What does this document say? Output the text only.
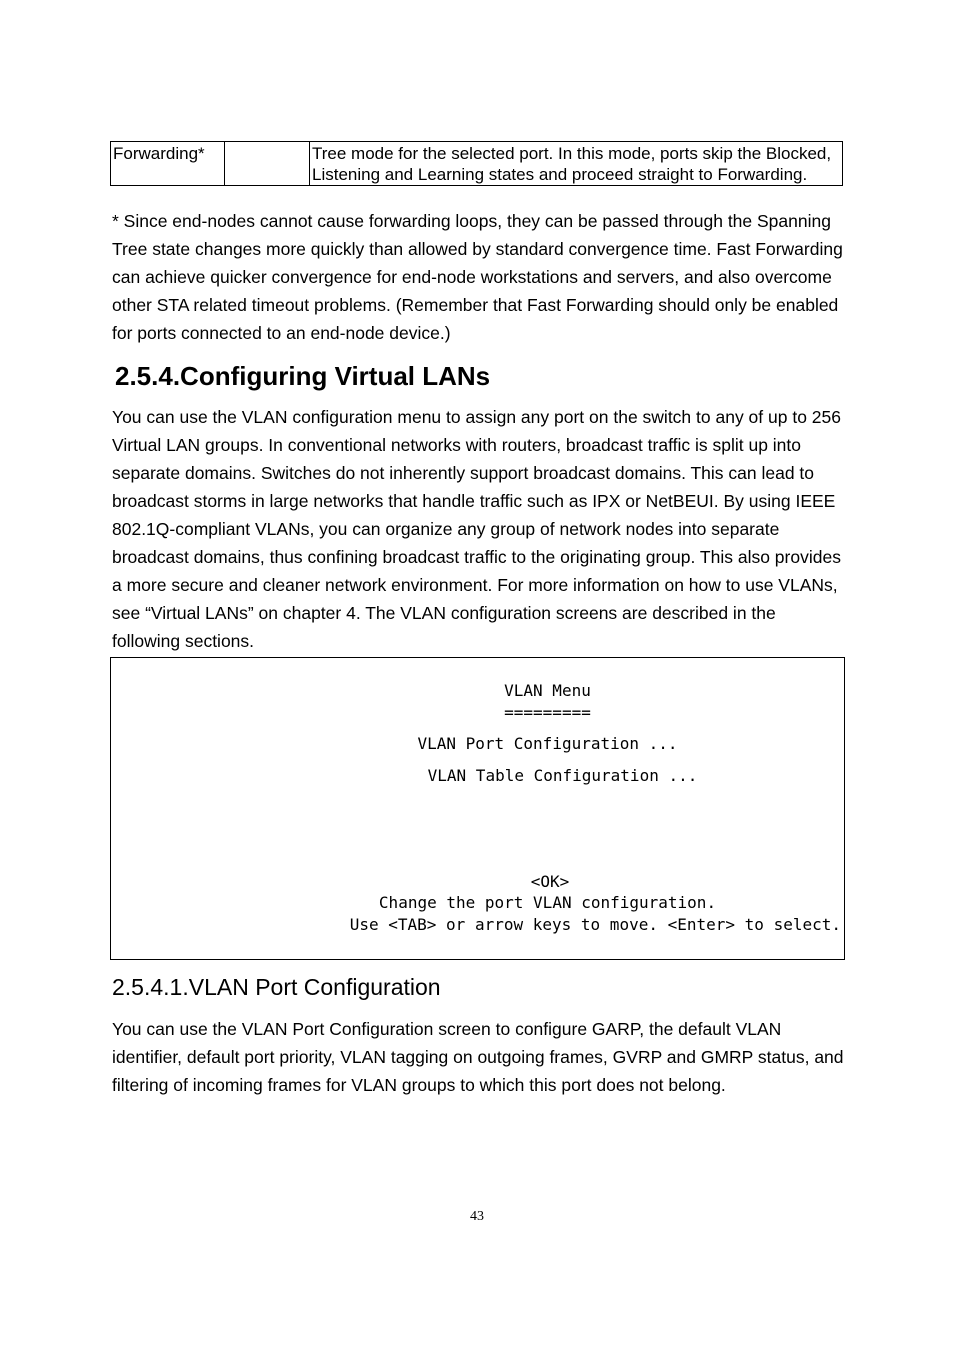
Forwarding*		Tree mode for the selected port. In this mode, ports skip the Blocked, Listening and Learning states and proceed straight to Forwarding.

* Since end-nodes cannot cause forwarding loops, they can be passed through the Spanning Tree state changes more quickly than allowed by standard convergence time. Fast Forwarding can achieve quicker convergence for end-node workstations and servers, and also overcome other STA related timeout problems. (Remember that Fast Forwarding should only be enabled for ports connected to an end-node device.)

2.5.4.Configuring Virtual LANs

You can use the VLAN configuration menu to assign any port on the switch to any of up to 256 Virtual LAN groups. In conventional networks with routers, broadcast traffic is split up into separate domains. Switches do not inherently support broadcast domains. This can lead to broadcast storms in large networks that handle traffic such as IPX or NetBEUI. By using IEEE 802.1Q-compliant VLANs, you can organize any group of network nodes into separate broadcast domains, thus confining broadcast traffic to the originating group. This also provides a more secure and cleaner network environment. For more information on how to use VLANs, see “Virtual LANs” on chapter 4. The VLAN configuration screens are described in the following sections.

VLAN Menu
=========
VLAN Port Configuration ...
VLAN Table Configuration ...
<OK>
Change the port VLAN configuration.
Use <TAB> or arrow keys to move. <Enter> to select.
2.5.4.1.VLAN Port Configuration

You can use the VLAN Port Configuration screen to configure GARP, the default VLAN identifier, default port priority, VLAN tagging on outgoing frames, GVRP and GMRP status, and filtering of incoming frames for VLAN groups to which this port does not belong.

43
